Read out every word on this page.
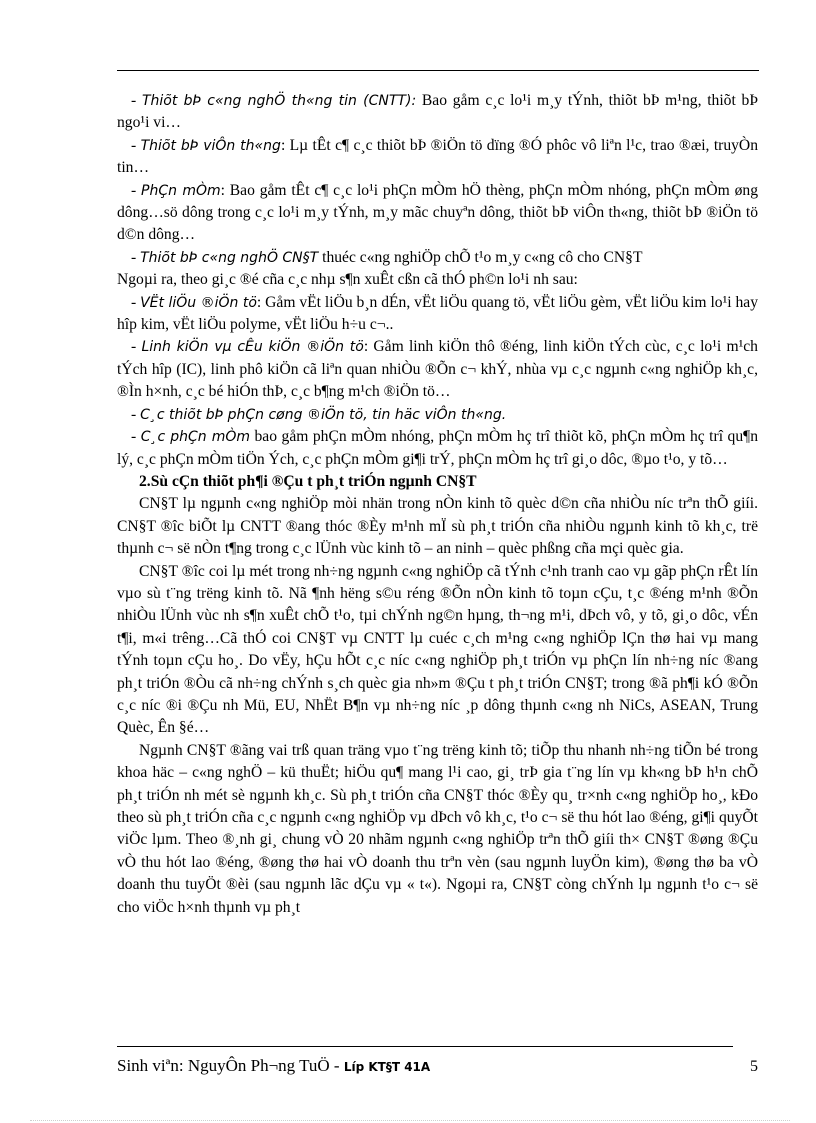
- Thiõt bÞ c«ng nghÖ th«ng tin (CNTT): Bao gåm c¸c lo¹i m¸y tÝnh, thiõt bÞ m¹ng, thiõt bÞ ngo¹i vi…

- Thiõt bÞ viÔn th«ng: Lµ tÊt c¶ c¸c thiõt bÞ ®iÖn tö dïng ®Ó phôc vô liªn l¹c, trao ®æi, truyÒn tin…

- PhÇn mÒm: Bao gåm tÊt c¶ c¸c lo¹i phÇn mÒm hÖ thèng, phÇn mÒm nhóng, phÇn mÒm øng dông…sö dông trong c¸c lo¹i m¸y tÝnh, m¸y mãc chuyªn dông, thiõt bÞ viÔn th«ng, thiõt bÞ ®iÖn tö d©n dông…

- Thiõt bÞ c«ng nghÖ CN§T thuéc c«ng nghiÖp chÕ t¹o m¸y c«ng cô cho CN§T

Ngoµi ra, theo gi¸c ®é cña c¸c nhµ s¶n xuÊt cßn cã thÓ ph©n lo¹i nh sau:

- VËt liÖu ®iÖn tö: Gåm vËt liÖu b¸n dÉn, vËt liÖu quang tö, vËt liÖu gèm, vËt liÖu kim lo¹i hay hîp kim, vËt liÖu polyme, vËt liÖu h÷u c¬..

- Linh kiÖn vµ cÊu kiÖn ®iÖn tö: Gåm linh kiÖn thô ®éng, linh kiÖn tÝch cùc, c¸c lo¹i m¹ch tÝch hîp (IC), linh phô kiÖn cã liªn quan nhiÒu ®Õn c¬ khÝ, nhùa vµ c¸c ngµnh c«ng nghiÖp kh¸c, ®Ìn h×nh, c¸c bé hiÓn thÞ, c¸c b¶ng m¹ch ®iÖn tö…

- C¸c thiõt bÞ phÇn cøng ®iÖn tö, tin häc viÔn th«ng.

- C¸c phÇn mÒm bao gåm phÇn mÒm nhóng, phÇn mÒm hç trî thiõt kõ, phÇn mÒm hç trî qu¶n lý, c¸c phÇn mÒm tiÖn Ých, c¸c phÇn mÒm gi¶i trÝ, phÇn mÒm hç trî gi¸o dôc, ®µo t¹o, y tõ…

2.Sù cÇn thiõt ph¶i ®Çu t ph¸t triÓn ngµnh CN§T

CN§T lµ ngµnh c«ng nghiÖp mòi nhän trong nÒn kinh tõ quèc d©n cña nhiÒu níc trªn thÕ giíi. CN§T ®îc biÕt lµ CNTT ®ang thóc ®Èy m¹nh mÏ sù ph¸t triÓn cña nhiÒu ngµnh kinh tõ kh¸c, trë thµnh c¬ së nÒn t¶ng trong c¸c lÜnh vùc kinh tõ – an ninh – quèc phßng cña mçi quèc gia.

CN§T ®îc coi lµ mét trong nh÷ng ngµnh c«ng nghiÖp cã tÝnh c¹nh tranh cao vµ gãp phÇn rÊt lín vµo sù t¨ng trëng kinh tõ. Nã ¶nh hëng s©u réng ®Õn nÒn kinh tõ toµn cÇu, t¸c ®éng m¹nh ®Õn nhiÒu lÜnh vùc nh s¶n xuÊt chÕ t¹o, tµi chÝnh ng©n hµng, th¬ng m¹i, dÞch vô, y tõ, gi¸o dôc, vÉn t¶i, m«i trêng…Cã thÓ coi CN§T vµ CNTT lµ cuéc c¸ch m¹ng c«ng nghiÖp lÇn thø hai vµ mang tÝnh toµn cÇu ho¸. Do vËy, hÇu hÕt c¸c níc c«ng nghiÖp ph¸t triÓn vµ phÇn lín nh÷ng níc ®ang ph¸t triÓn ®Òu cã nh÷ng chÝnh s¸ch quèc gia nh»m ®Çu t ph¸t triÓn CN§T; trong ®ã ph¶i kÓ ®Õn c¸c níc ®i ®Çu nh Mü, EU, NhËt B¶n vµ nh÷ng níc ¸p dông thµnh c«ng nh NiCs, ASEAN, Trung Quèc, Ên §é…

Ngµnh CN§T ®ãng vai trß quan träng vµo t¨ng trëng kinh tõ; tiÕp thu nhanh nh÷ng tiÕn bé trong khoa häc – c«ng nghÖ – kü thuËt; hiÖu qu¶ mang l¹i cao, gi¸ trÞ gia t¨ng lín vµ kh«ng bÞ h¹n chÕ ph¸t triÓn nh mét sè ngµnh kh¸c. Sù ph¸t triÓn cña CN§T thóc ®Èy qu¸ tr×nh c«ng nghiÖp ho¸, kÐo theo sù ph¸t triÓn cña c¸c ngµnh c«ng nghiÖp vµ dÞch vô kh¸c, t¹o c¬ së thu hót lao ®éng, gi¶i quyÕt viÖc lµm. Theo ®¸nh gi¸ chung vÒ 20 nhãm ngµnh c«ng nghiÖp trªn thÕ giíi th× CN§T ®øng ®Çu vÒ thu hót lao ®éng, ®øng thø hai vÒ doanh thu trªn vèn (sau ngµnh luyÖn kim), ®øng thø ba vÒ doanh thu tuyÖt ®èi (sau ngµnh lãc dÇu vµ « t«). Ngoµi ra, CN§T còng chÝnh lµ ngµnh t¹o c¬ së cho viÖc h×nh thµnh vµ ph¸t

Sinh viªn: NguyÔn Ph¬ng TuÖ - Líp KT§T 41A	5
